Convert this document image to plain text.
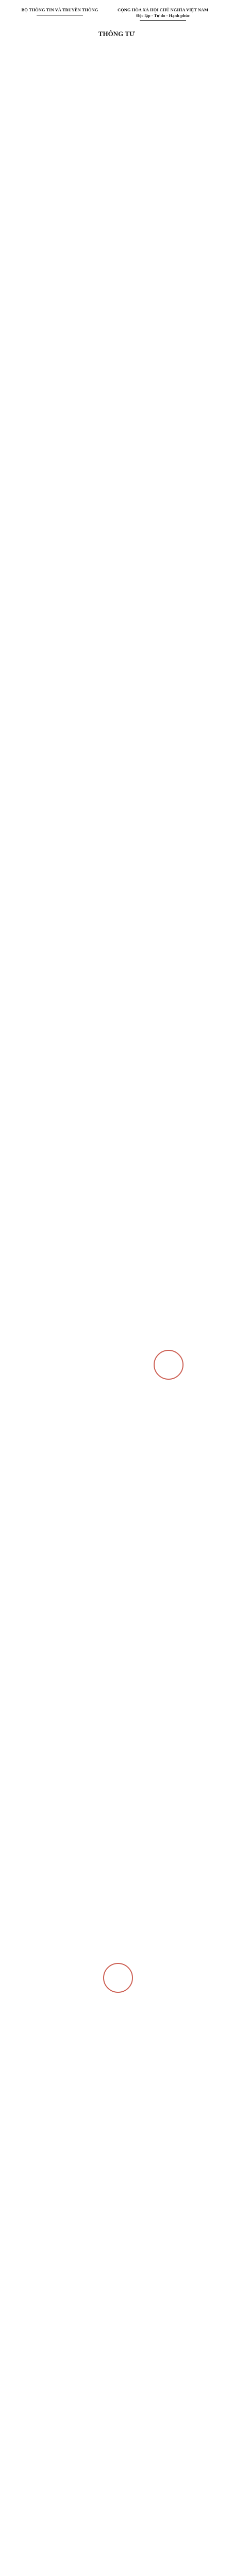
BỘ THÔNG TIN VÀ TRUYỀN THÔNG	CỘNG HÒA XÃ HỘI CHỦ NGHĨA VIỆT NAM
Độc lập - Tự do - Hạnh phúc
THÔNG TƯ
